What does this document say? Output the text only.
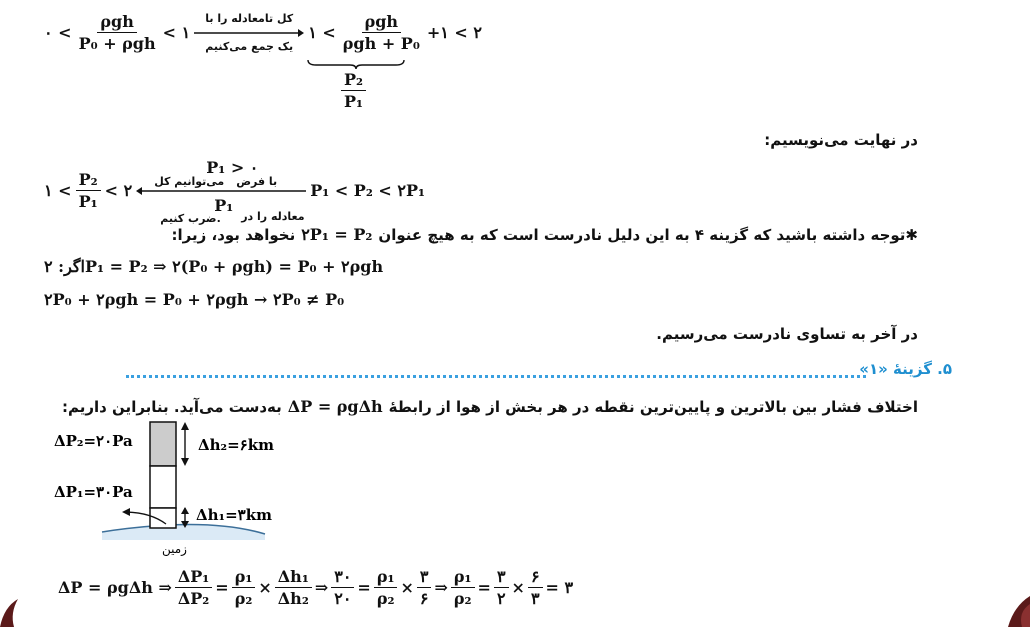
۰ < $\frac{\text{ρgh}}{\text{P₀ + ρgh}}$ < ۱
کل تامعادله را با
یک جمع می‌کنیم
۱ < $\frac{\text{ρgh}}{\text{ρgh + P₀}}$ +۱ < ۲
$\frac{\text{P₂}}{\text{P₁}}$
در نهایت می‌نویسیم:
۱ < $\frac{\text{P₂}}{\text{P₁}}$ < ۲
P₁ > ۰
با فرض
می‌توانیم کل
P₁
معادله را در
ضرب کنیم.
P₁ < P₂ < ۲P₁
✱توجه داشته باشید که گزینه ۴ به این دلیل نادرست است که به هیچ عنوان
۲P₁ = P₂
نخواهد بود، زیرا:
اگر: ۲P₁ = P₂ ⇒ ۲(P₀ + ρgh) = P₀ + ۲ρgh
۲P₀ + ۲ρgh = P₀ + ۲ρgh → ۲P₀ ≠ P₀
در آخر به تساوی نادرست می‌رسیم.
۵. گزینهٔ «۱»
اختلاف فشار بین بالاترین و پایین‌ترین نقطه در هر بخش از هوا از رابطهٔ
ΔP = ρgΔh
به‌دست می‌آید. بنابراین داریم:
ΔP₂=۲۰Pa
ΔP₁=۳۰Pa
Δh₂=۶km
Δh₁=۳km
زمین
ΔP = ρgΔh ⇒ $\frac{\text{ΔP₁}}{\text{ΔP₂}} = \frac{\text{ρ₁}}{\text{ρ₂}} \times \frac{\text{Δh₁}}{\text{Δh₂}}$ ⇒ $\frac{۳۰}{۲۰} = \frac{\text{ρ₁}}{\text{ρ₂}} \times \frac{۳}{۶}$ ⇒ $\frac{\text{ρ₁}}{\text{ρ₂}} = \frac{۳}{۲} \times \frac{۶}{۳}$ = ۳
